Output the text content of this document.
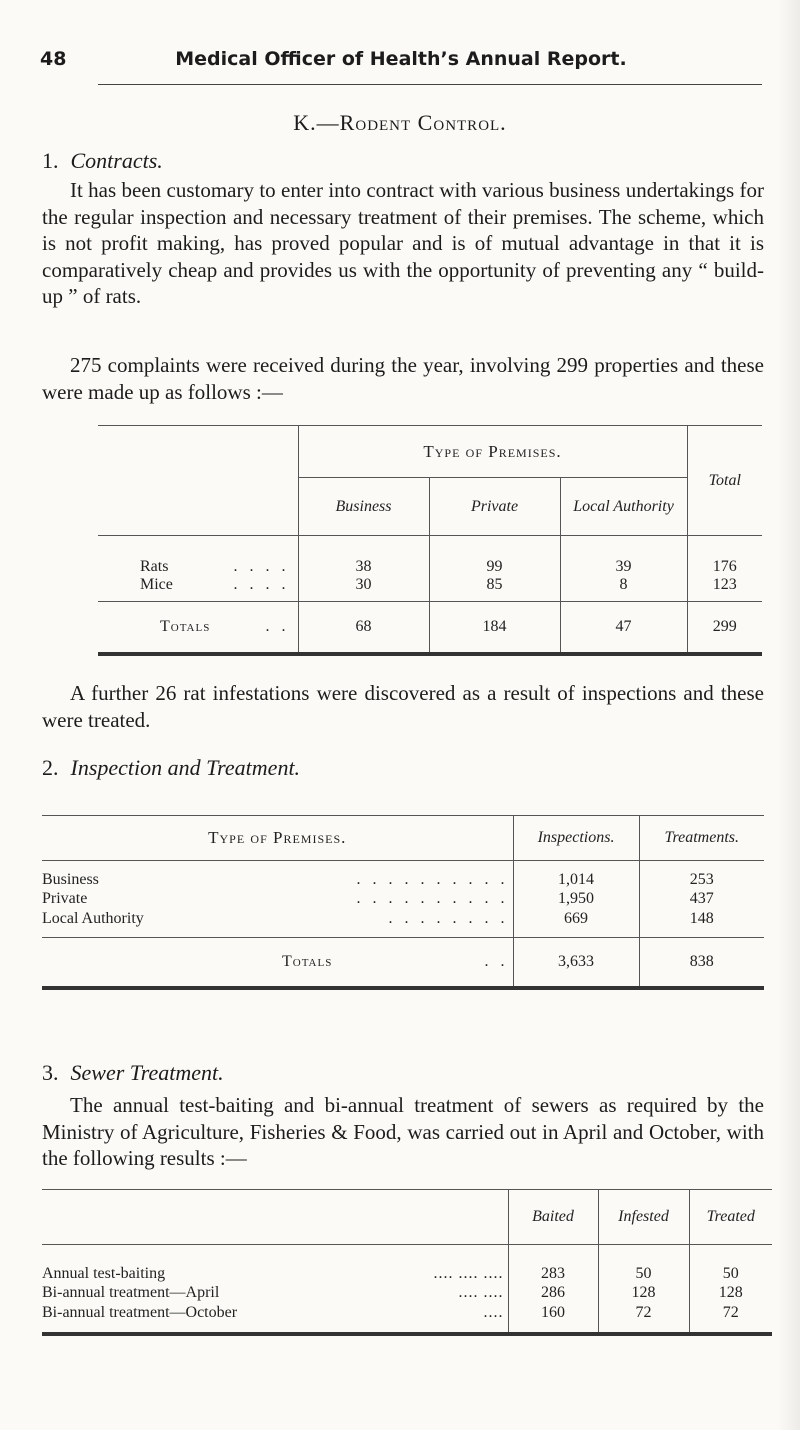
48	Medical Officer of Health’s Annual Report.
K.—Rodent Control.
1. Contracts.

It has been customary to enter into contract with various business undertakings for the regular inspection and necessary treatment of their premises. The scheme, which is not profit making, has proved popular and is of mutual advantage in that it is comparatively cheap and provides us with the opportunity of preventing any “ build-up ” of rats.

275 complaints were received during the year, involving 299 properties and these were made up as follows :—

	Type of Premises.			Total
	Business	Private	Local Authority	
Rats . . . .	38	99	39	176
Mice . . . .	30	85	8	123
Totals . .	68	184	47	299

A further 26 rat infestations were discovered as a result of inspections and these were treated.

2. Inspection and Treatment.
Type of Premises.	Inspections.	Treatments.
Business . . . . . . . . . .	1,014	253
Private . . . . . . . . . .	1,950	437
Local Authority . . . . . . . .	669	148
Totals . .	3,633	838
3. Sewer Treatment.

The annual test-baiting and bi-annual treatment of sewers as required by the Ministry of Agriculture, Fisheries & Food, was carried out in April and October, with the following results :—

	Baited	Infested	Treated
Annual test-baiting .... .... ....	283	50	50
Bi-annual treatment—April .... ....	286	128	128
Bi-annual treatment—October ....	160	72	72
